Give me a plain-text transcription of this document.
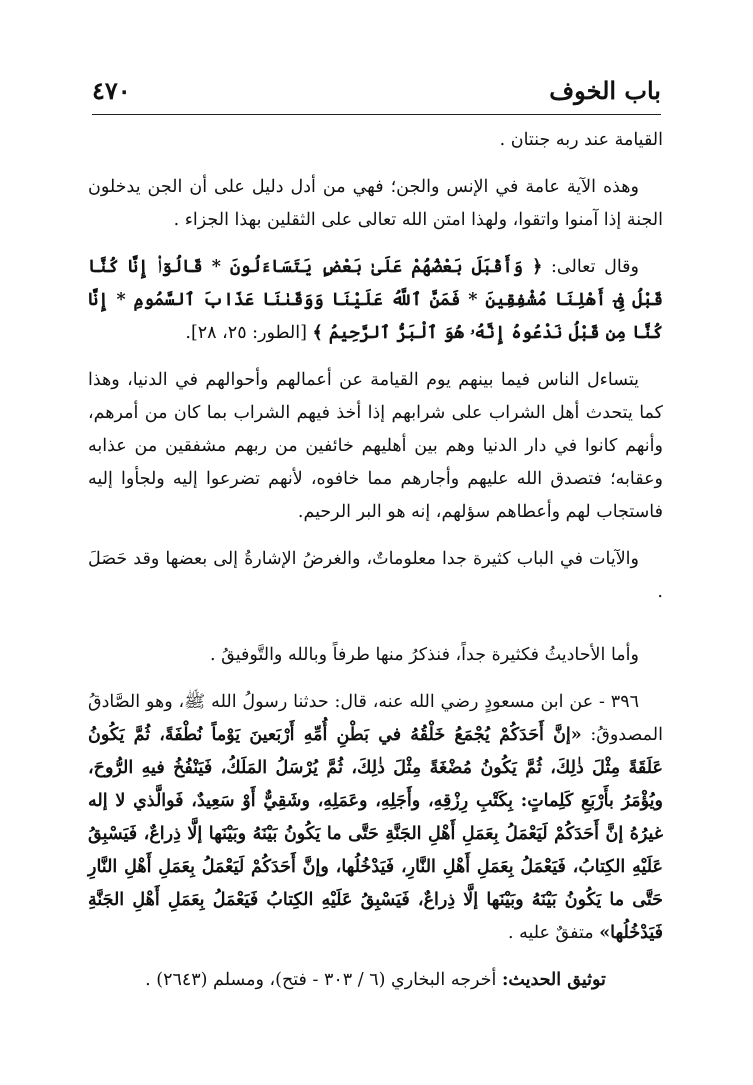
باب الخوف
٤٧٠

القيامة عند ربه جنتان .

وهذه الآية عامة في الإنس والجن؛ فهي من أدل دليل على أن الجن يدخلون الجنة إذا آمنوا واتقوا، ولهذا امتن الله تعالى على الثقلين بهذا الجزاء .

وقال تعالى: ﴿ وَأَقْبَلَ بَعْضُهُمْ عَلَىٰ بَعْضٍ يَتَسَاءَلُونَ * قَالُوٓا۟ إِنَّا كُنَّا قَبْلُ فِىٓ أَهْلِنَا مُشْفِقِينَ * فَمَنَّ ٱللَّهُ عَلَيْنَا وَوَقَىٰنَا عَذَابَ ٱلسَّمُومِ * إِنَّا كُنَّا مِن قَبْلُ نَدْعُوهُ إِنَّهُۥ هُوَ ٱلْبَرُّ ٱلرَّحِيمُ ﴾ [الطور: ٢٥، ٢٨].

يتساءل الناس فيما بينهم يوم القيامة عن أعمالهم وأحوالهم في الدنيا، وهذا كما يتحدث أهل الشراب على شرابهم إذا أخذ فيهم الشراب بما كان من أمرهم، وأنهم كانوا في دار الدنيا وهم بين أهليهم خائفين من ربهم مشفقين من عذابه وعقابه؛ فتصدق الله عليهم وأجارهم مما خافوه، لأنهم تضرعوا إليه ولجأوا إليه فاستجاب لهم وأعطاهم سؤلهم، إنه هو البر الرحيم.

والآيات في الباب كثيرة جدا معلوماتٌ، والغرضُ الإشارةُ إلى بعضها وقد حَصَلَ .

وأما الأحاديثُ فكثيرة جداً، فنذكرُ منها طرفاً وبالله والتَّوفيقُ .

٣٩٦ - عن ابن مسعودٍ رضي الله عنه، قال: حدثنا رسولُ الله ﷺ، وهو الصَّادقُ المصدوقُ: «إنَّ أَحَدَكُمْ يُجْمَعُ خَلْقُهُ في بَطْنِ أُمِّهِ أَرْبَعينَ يَوْماً نُطْفَةً، ثُمَّ يَكُونُ عَلَقَةً مِثْلَ ذٰلِكَ، ثُمَّ يَكُونُ مُضْغَةً مِثْلَ ذٰلِكَ، ثُمَّ يُرْسَلُ المَلَكُ، فَيَنْفُخُ فيهِ الرُّوحَ، ويُؤْمَرُ بأَرْبَعِ كَلِماتٍ: بِكَتْبِ رِزْقِهِ، وأَجَلِهِ، وعَمَلِهِ، وشَقِيٌّ أَوْ سَعِيدٌ، فَوالَّذي لا إله غيرُهُ إنَّ أَحَدَكُمْ لَيَعْمَلُ بِعَمَلِ أَهْلِ الجَنَّةِ حَتَّى ما يَكُونُ بَيْنَهُ وبَيْنَها إلَّا ذِراعٌ، فَيَسْبِقُ عَلَيْهِ الكِتابُ، فَيَعْمَلُ بِعَمَلِ أَهْلِ النَّارِ، فَيَدْخُلُها، وإنَّ أَحَدَكُمْ لَيَعْمَلُ بِعَمَلِ أَهْلِ النَّارِ حَتَّى ما يَكُونُ بَيْنَهُ وبَيْنَها إلَّا ذِراعٌ، فَيَسْبِقُ عَلَيْهِ الكِتابُ فَيَعْمَلُ بِعَمَلِ أَهْلِ الجَنَّةِ فَيَدْخُلُها» متفقٌ عليه .

توثيق الحديث: أخرجه البخاري (٦ / ٣٠٣ - فتح)، ومسلم (٢٦٤٣) .
